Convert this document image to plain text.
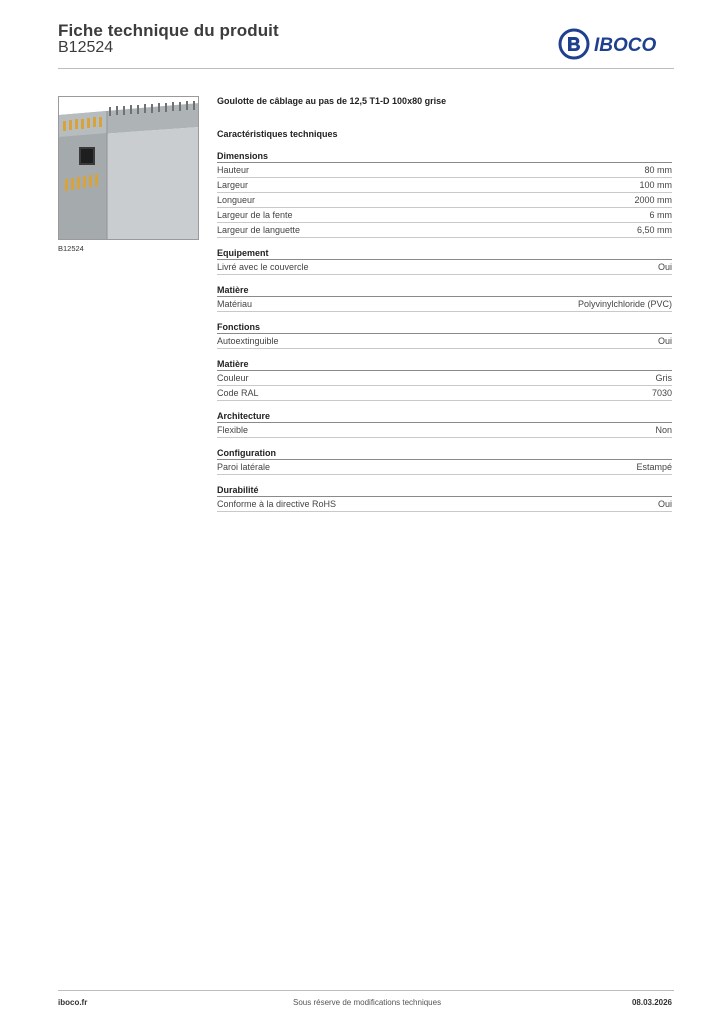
Fiche technique du produit
B12524	IBOCO
B12524
Goulotte de câblage au pas de 12,5 T1-D 100x80 grise
Caractéristiques techniques
Dimensions
Hauteur	80 mm
Largeur	100 mm
Longueur	2000 mm
Largeur de la fente	6 mm
Largeur de languette	6,50 mm
Equipement
Livré avec le couvercle	Oui
Matière
Matériau	Polyvinylchloride (PVC)
Fonctions
Autoextinguible	Oui
Matière
Couleur	Gris
Code RAL	7030
Architecture
Flexible	Non
Configuration
Paroi latérale	Estampé
Durabilité
Conforme à la directive RoHS	Oui
iboco.fr	Sous réserve de modifications techniques	08.03.2026
